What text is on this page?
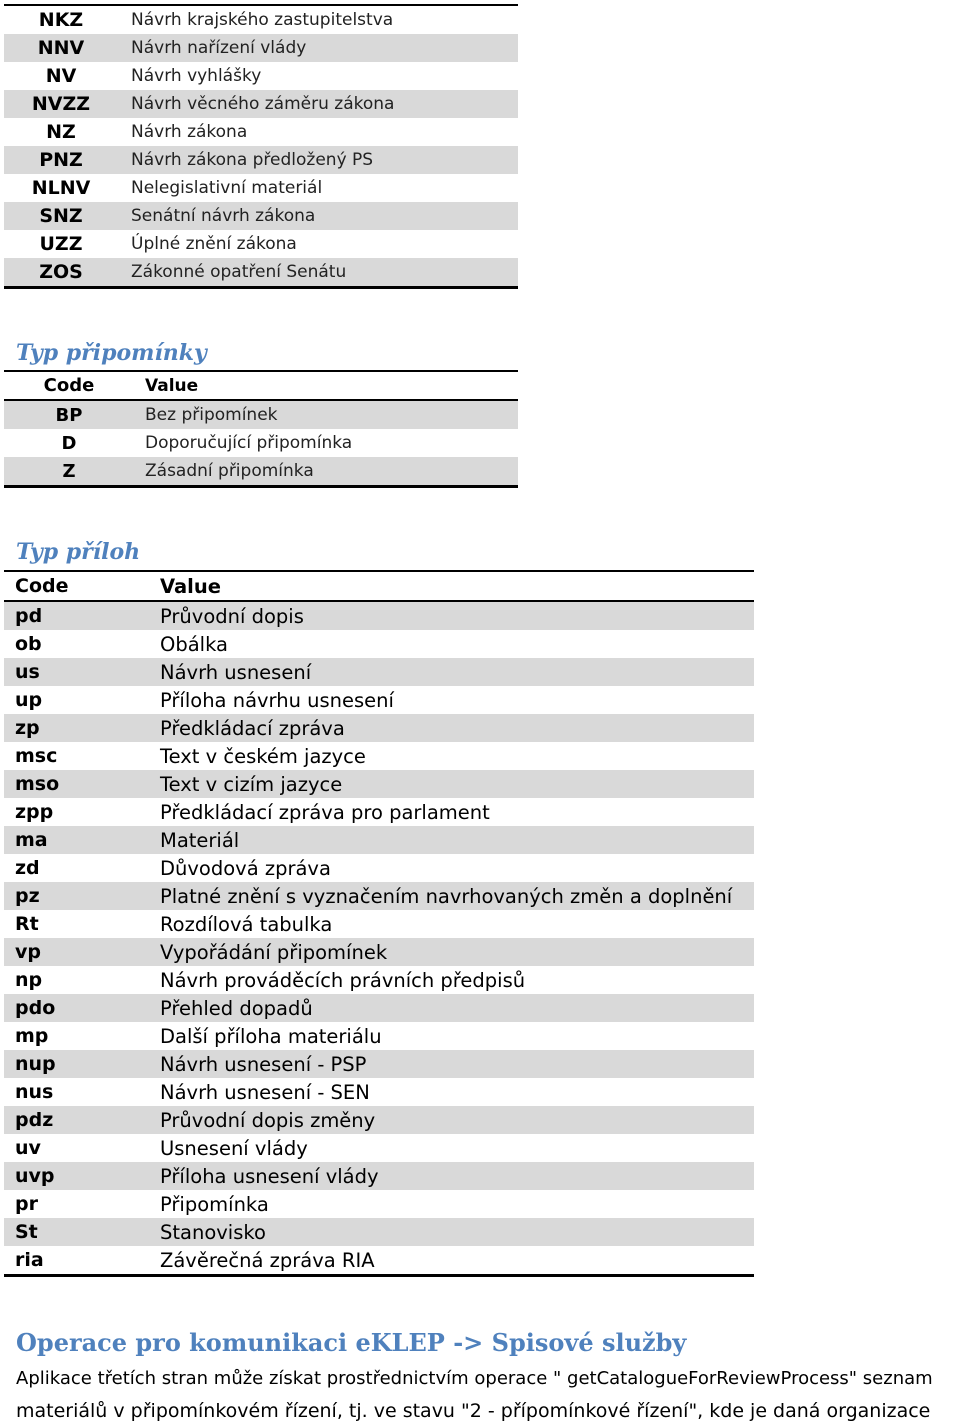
NKZ	Návrh krajského zastupitelstva
NNV	Návrh nařízení vlády
NV	Návrh vyhlášky
NVZZ	Návrh věcného záměru zákona
NZ	Návrh zákona
PNZ	Návrh zákona předložený PS
NLNV	Nelegislativní materiál
SNZ	Senátní návrh zákona
UZZ	Úplné znění zákona
ZOS	Zákonné opatření Senátu
Typ připomínky
Code	Value
BP	Bez připomínek
D	Doporučující připomínka
Z	Zásadní připomínka
Typ příloh
Code	Value
pd	Průvodní dopis
ob	Obálka
us	Návrh usnesení
up	Příloha návrhu usnesení
zp	Předkládací zpráva
msc	Text v českém jazyce
mso	Text v cizím jazyce
zpp	Předkládací zpráva pro parlament
ma	Materiál
zd	Důvodová zpráva
pz	Platné znění s vyznačením navrhovaných změn a doplnění
Rt	Rozdílová tabulka
vp	Vypořádání připomínek
np	Návrh prováděcích právních předpisů
pdo	Přehled dopadů
mp	Další příloha materiálu
nup	Návrh usnesení - PSP
nus	Návrh usnesení - SEN
pdz	Průvodní dopis změny
uv	Usnesení vlády
uvp	Příloha usnesení vlády
pr	Připomínka
St	Stanovisko
ria	Závěrečná zpráva RIA
Operace pro komunikaci eKLEP -> Spisové služby
Aplikace třetích stran může získat prostřednictvím operace " getCatalogueForReviewProcess" seznam
materiálů v připomínkovém řízení, tj. ve stavu "2 - přípomínkové řízení", kde je daná organizace
